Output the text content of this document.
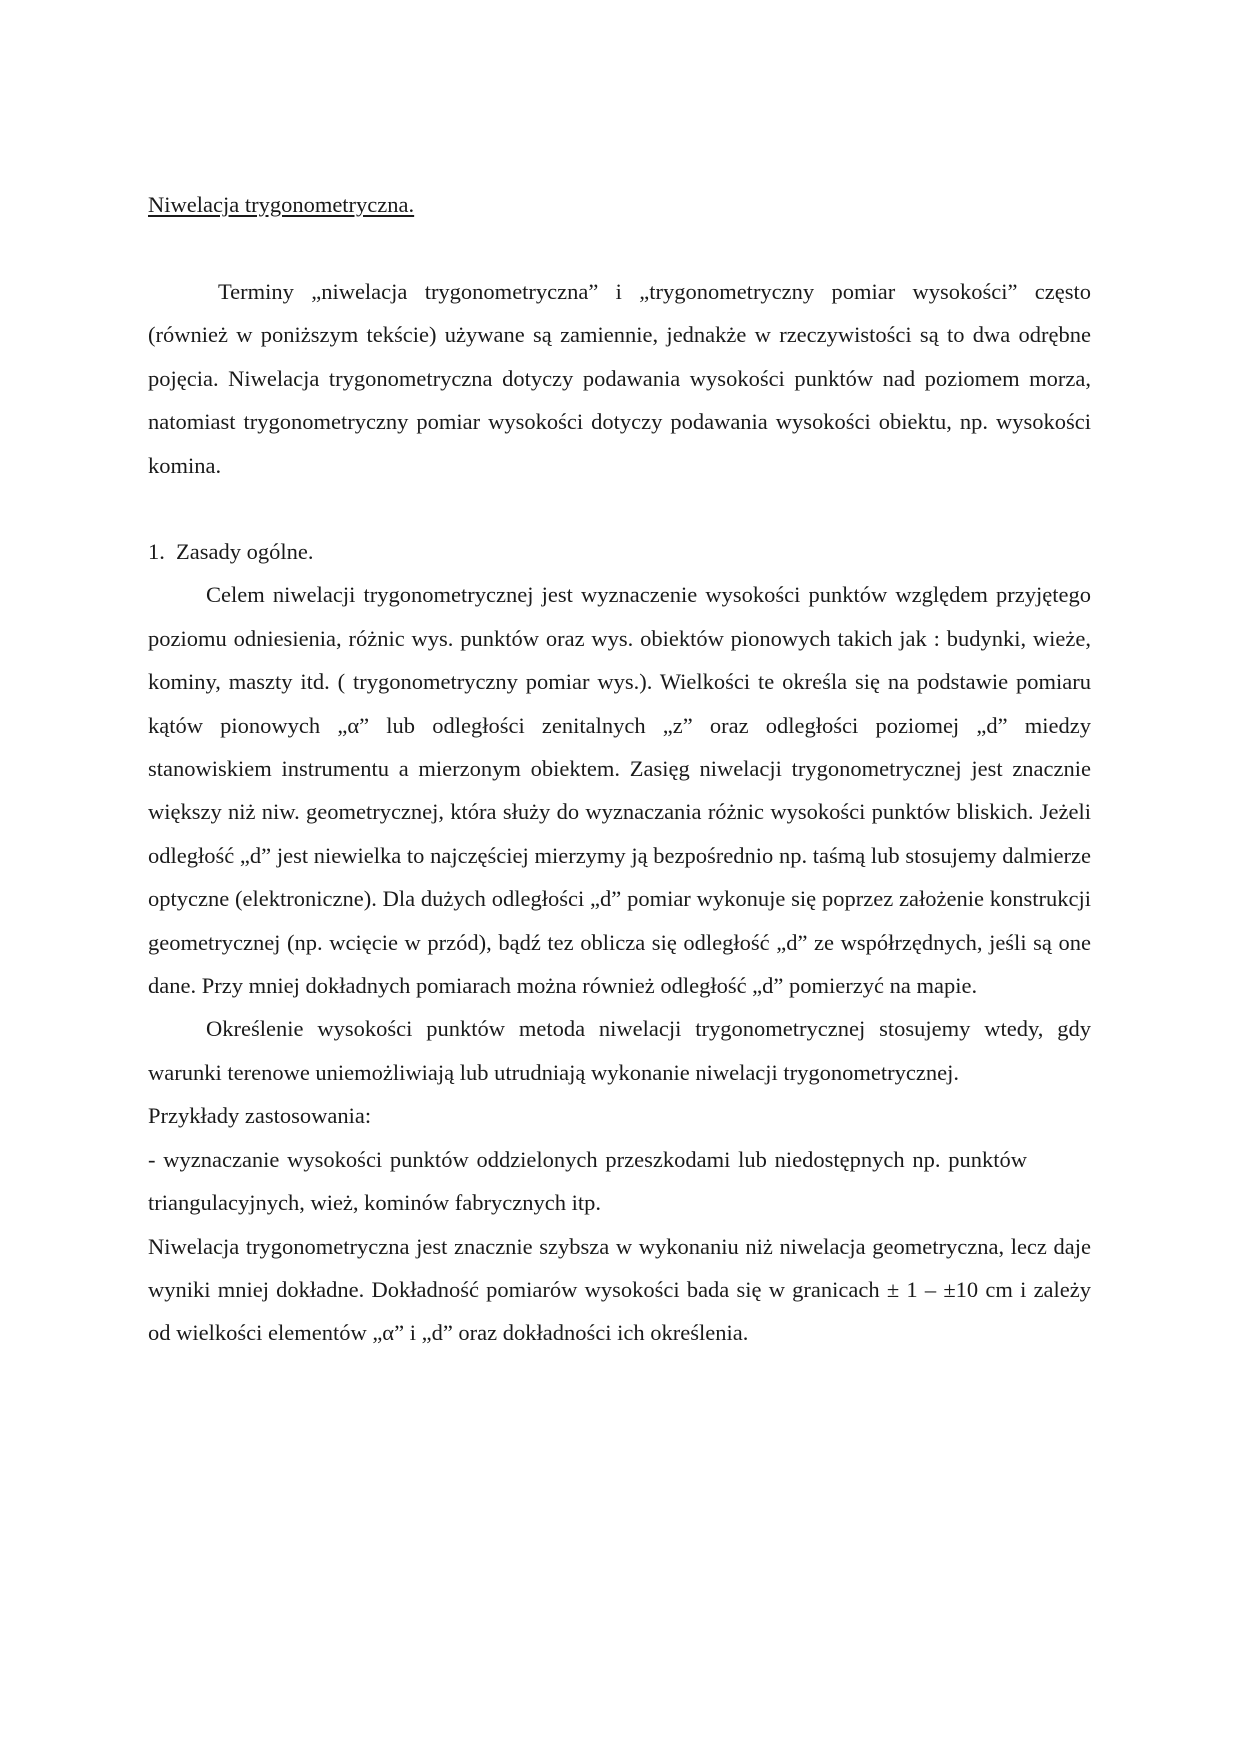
Niwelacja trygonometryczna.

Terminy „niwelacja trygonometryczna” i „trygonometryczny pomiar wysokości” często (również w poniższym tekście) używane są zamiennie, jednakże w rzeczywistości są to dwa odrębne pojęcia. Niwelacja trygonometryczna dotyczy podawania wysokości punktów nad poziomem morza, natomiast trygonometryczny pomiar wysokości dotyczy podawania wysokości obiektu, np. wysokości komina.

1. Zasady ogólne.

Celem niwelacji trygonometrycznej jest wyznaczenie wysokości punktów względem przyjętego poziomu odniesienia, różnic wys. punktów oraz wys. obiektów pionowych takich jak : budynki, wieże, kominy, maszty itd. ( trygonometryczny pomiar wys.). Wielkości te określa się na podstawie pomiaru kątów pionowych „α” lub odległości zenitalnych „z” oraz odległości poziomej „d” miedzy stanowiskiem instrumentu a mierzonym obiektem. Zasięg niwelacji trygonometrycznej jest znacznie większy niż niw. geometrycznej, która służy do wyznaczania różnic wysokości punktów bliskich. Jeżeli odległość „d” jest niewielka to najczęściej mierzymy ją bezpośrednio np. taśmą lub stosujemy dalmierze optyczne (elektroniczne). Dla dużych odległości „d” pomiar wykonuje się poprzez założenie konstrukcji geometrycznej (np. wcięcie w przód), bądź tez oblicza się odległość „d” ze współrzędnych, jeśli są one dane. Przy mniej dokładnych pomiarach można również odległość „d” pomierzyć na mapie.

Określenie wysokości punktów metoda niwelacji trygonometrycznej stosujemy wtedy, gdy warunki terenowe uniemożliwiają lub utrudniają wykonanie niwelacji trygonometrycznej.

Przykłady zastosowania:

- wyznaczanie wysokości punktów oddzielonych przeszkodami lub niedostępnych np. punktówtriangulacyjnych, wież, kominów fabrycznych itp.

Niwelacja trygonometryczna jest znacznie szybsza w wykonaniu niż niwelacja geometryczna, lecz daje wyniki mniej dokładne. Dokładność pomiarów wysokości bada się w granicach ± 1 – ±10 cm i zależy od wielkości elementów „α” i „d” oraz dokładności ich określenia.
